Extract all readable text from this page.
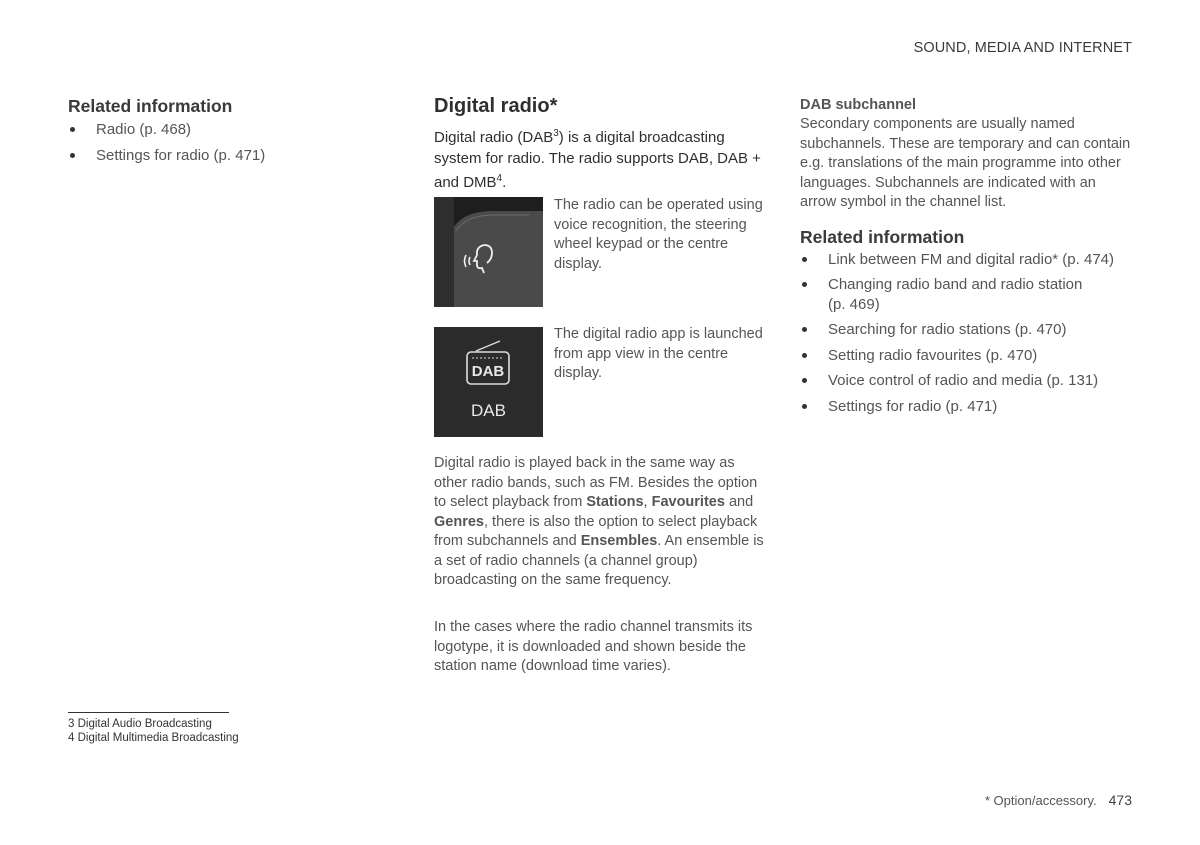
SOUND, MEDIA AND INTERNET
Related information
Radio (p. 468)
Settings for radio (p. 471)
Digital radio*

Digital radio (DAB$^3$) is a digital broadcasting system for radio. The radio supports DAB, DAB + and DMB$^4$.

The radio can be operated using voice recognition, the steering wheel keypad or the centre display.

DAB
DAB

The digital radio app is launched from app view in the centre display.

Digital radio is played back in the same way as other radio bands, such as FM. Besides the option to select playback from Stations, Favourites and Genres, there is also the option to select playback from subchannels and Ensembles. An ensemble is a set of radio channels (a channel group) broadcasting on the same frequency.

In the cases where the radio channel transmits its logotype, it is downloaded and shown beside the station name (download time varies).

DAB subchannel

Secondary components are usually named subchannels. These are temporary and can contain e.g. translations of the main programme into other languages. Subchannels are indicated with an arrow symbol in the channel list.

Related information
Link between FM and digital radio* (p. 474)
Changing radio band and radio station (p. 469)
Searching for radio stations (p. 470)
Setting radio favourites (p. 470)
Voice control of radio and media (p. 131)
Settings for radio (p. 471)
3 Digital Audio Broadcasting
4 Digital Multimedia Broadcasting
* Option/accessory. 473
